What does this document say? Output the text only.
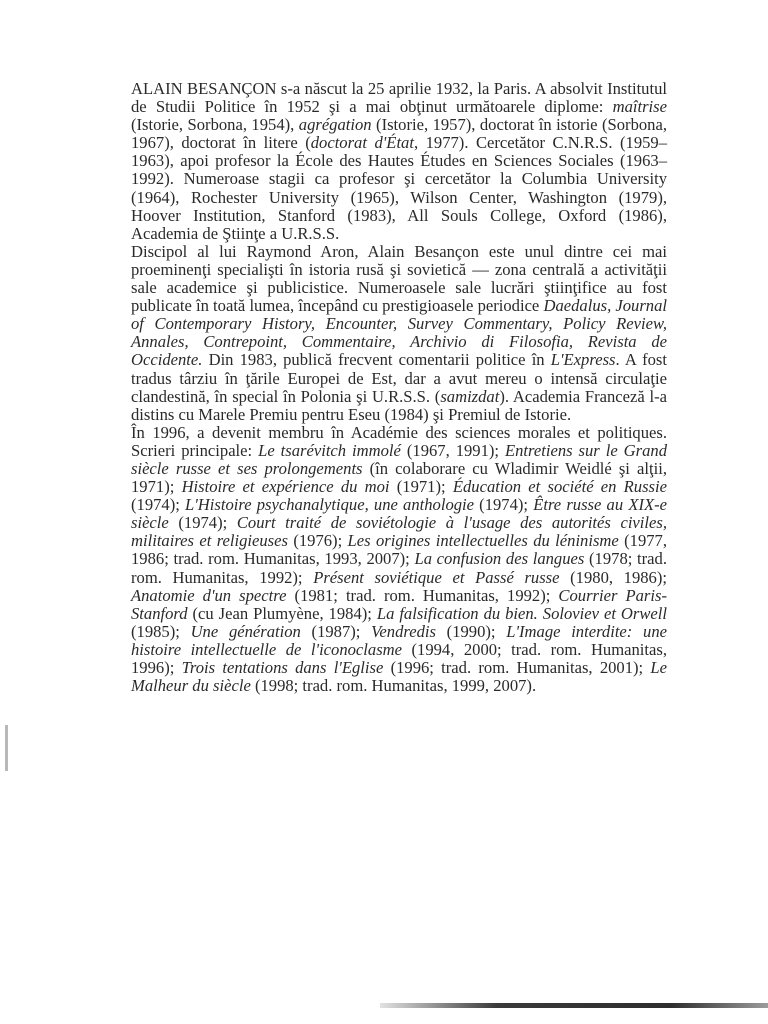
ALAIN BESANÇON s-a născut la 25 aprilie 1932, la Paris. A absolvit Institutul de Studii Politice în 1952 şi a mai obţinut următoarele diplome: maîtrise (Istorie, Sorbona, 1954), agrégation (Istorie, 1957), doctorat în istorie (Sorbona, 1967), doctorat în litere (doctorat d'État, 1977). Cercetător C.N.R.S. (1959–1963), apoi profesor la École des Hautes Études en Sciences Sociales (1963–1992). Numeroase stagii ca profesor şi cercetător la Columbia University (1964), Rochester University (1965), Wilson Center, Washington (1979), Hoover Institution, Stanford (1983), All Souls College, Oxford (1986), Academia de Ştiinţe a U.R.S.S.

Discipol al lui Raymond Aron, Alain Besançon este unul dintre cei mai proeminenţi specialişti în istoria rusă şi sovietică — zona centrală a activităţii sale academice şi publicistice. Numeroasele sale lucrări ştiinţifice au fost publicate în toată lumea, începând cu prestigioasele periodice Daedalus, Journal of Contemporary History, Encounter, Survey Commentary, Policy Review, Annales, Contrepoint, Commentaire, Archivio di Filosofia, Revista de Occidente. Din 1983, publică frecvent comentarii politice în L'Express. A fost tradus târziu în ţările Europei de Est, dar a avut mereu o intensă circulaţie clandestină, în special în Polonia şi U.R.S.S. (samizdat). Academia Franceză l-a distins cu Marele Premiu pentru Eseu (1984) şi Premiul de Istorie.

În 1996, a devenit membru în Académie des sciences morales et politiques. Scrieri principale: Le tsarévitch immolé (1967, 1991); Entretiens sur le Grand siècle russe et ses prolongements (în colaborare cu Wladimir Weidlé şi alţii, 1971); Histoire et expérience du moi (1971); Éducation et société en Russie (1974); L'Histoire psychanalytique, une anthologie (1974); Être russe au XIX-e siècle (1974); Court traité de soviétologie à l'usage des autorités civiles, militaires et religieuses (1976); Les origines intellectuelles du léninisme (1977, 1986; trad. rom. Humanitas, 1993, 2007); La confusion des langues (1978; trad. rom. Humanitas, 1992); Présent soviétique et Passé russe (1980, 1986); Anatomie d'un spectre (1981; trad. rom. Humanitas, 1992); Courrier Paris-Stanford (cu Jean Plumyène, 1984); La falsification du bien. Soloviev et Orwell (1985); Une génération (1987); Vendredis (1990); L'Image interdite: une histoire intellectuelle de l'iconoclasme (1994, 2000; trad. rom. Humanitas, 1996); Trois tentations dans l'Eglise (1996; trad. rom. Humanitas, 2001); Le Malheur du siècle (1998; trad. rom. Humanitas, 1999, 2007).
